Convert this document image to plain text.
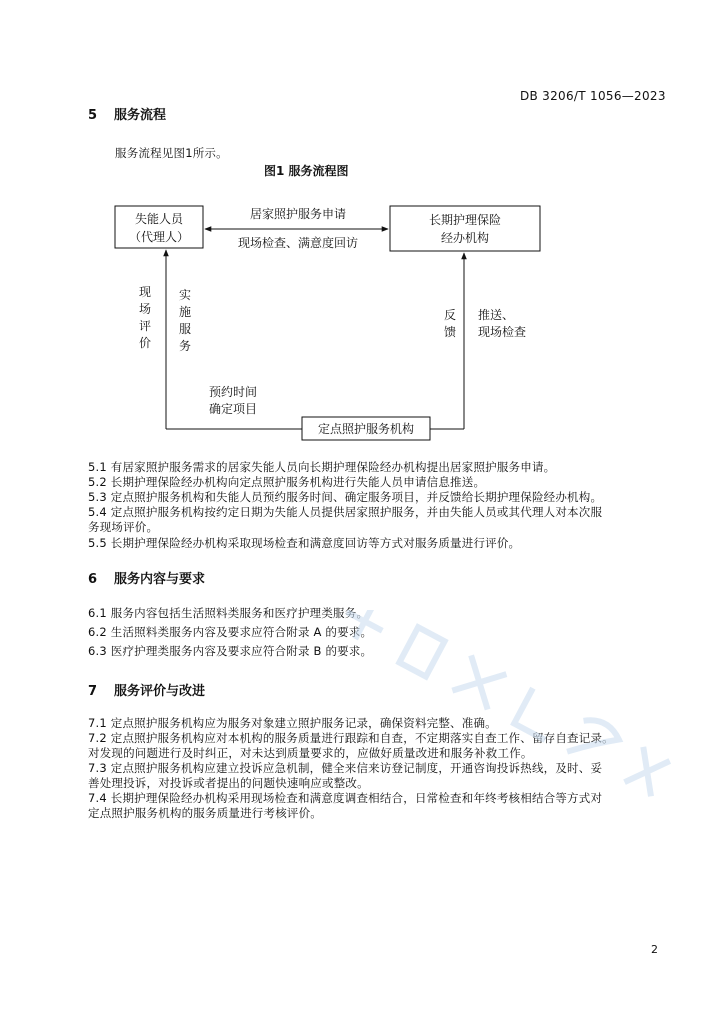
DB 3206/T 1056—2023
5 服务流程
服务流程见图1所示。
图1 服务流程图
失能人员
（代理人）
长期护理保险
经办机构
定点照护服务机构
居家照护服务申请
现场检查、满意度回访
现
场
评
价
实
施
服
务
反
馈
推送、
现场检查
预约时间
确定项目
5.1 有居家照护服务需求的居家失能人员向长期护理保险经办机构提出居家照护服务申请。
5.2 长期护理保险经办机构向定点照护服务机构进行失能人员申请信息推送。
5.3 定点照护服务机构和失能人员预约服务时间、确定服务项目，并反馈给长期护理保险经办机构。
5.4 定点照护服务机构按约定日期为失能人员提供居家照护服务，并由失能人员或其代理人对本次服
务现场评价。
5.5 长期护理保险经办机构采取现场检查和满意度回访等方式对服务质量进行评价。
6 服务内容与要求
6.1 服务内容包括生活照料类服务和医疗护理类服务。
6.2 生活照料类服务内容及要求应符合附录 A 的要求。
6.3 医疗护理类服务内容及要求应符合附录 B 的要求。
7 服务评价与改进
7.1 定点照护服务机构应为服务对象建立照护服务记录，确保资料完整、准确。
7.2 定点照护服务机构应对本机构的服务质量进行跟踪和自查，不定期落实自查工作、留存自查记录。
对发现的问题进行及时纠正，对未达到质量要求的，应做好质量改进和服务补救工作。
7.3 定点照护服务机构应建立投诉应急机制，健全来信来访登记制度，开通咨询投诉热线，及时、妥
善处理投诉，对投诉或者提出的问题快速响应或整改。
7.4 长期护理保险经办机构采用现场检查和满意度调查相结合，日常检查和年终考核相结合等方式对
定点照护服务机构的服务质量进行考核评价。
2
